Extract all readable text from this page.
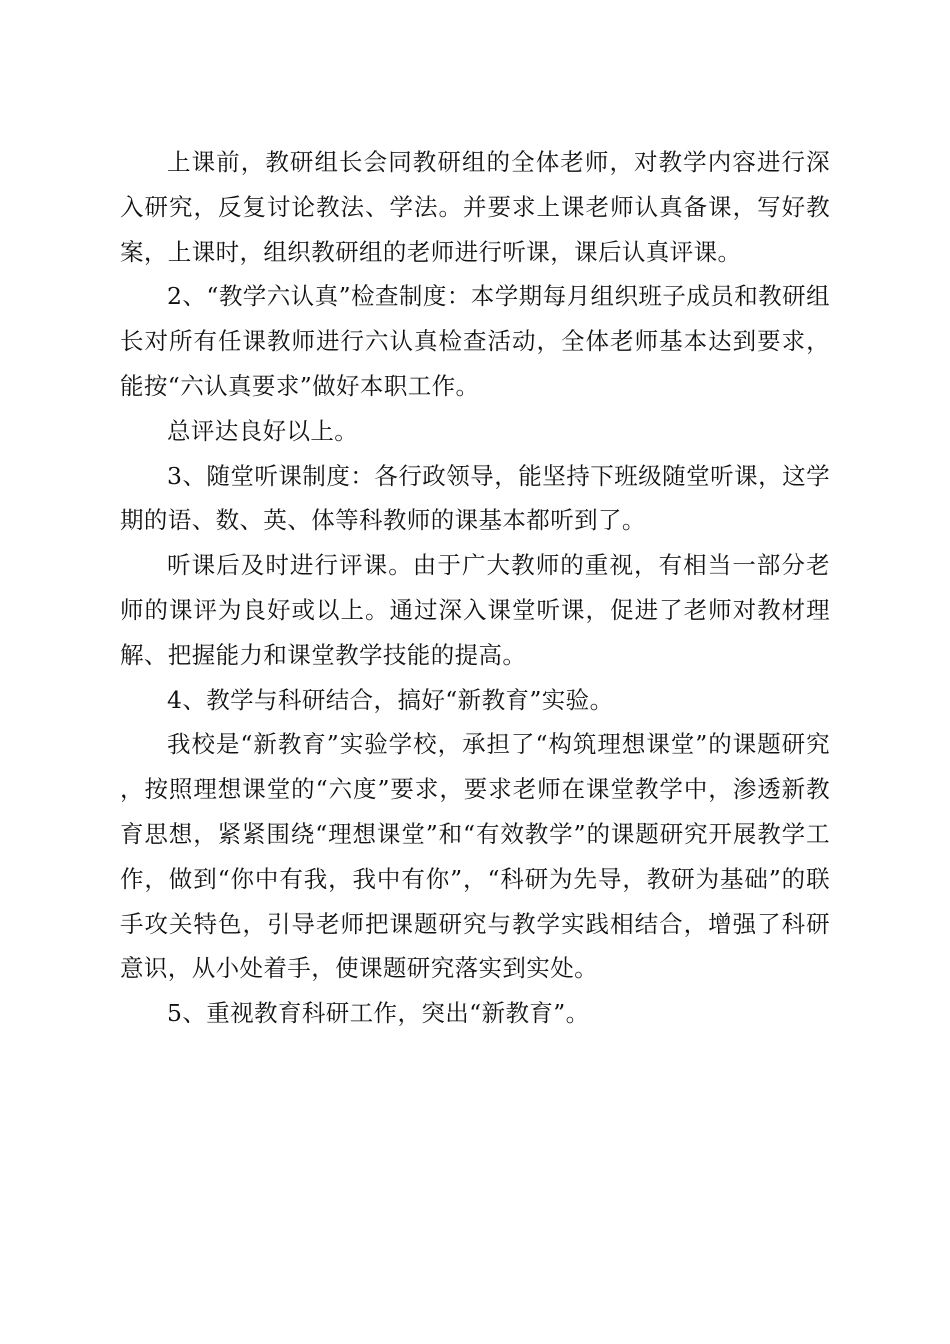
上课前，教研组长会同教研组的全体老师，对教学内容进行深入研究，反复讨论教法、学法。并要求上课老师认真备课，写好教案，上课时，组织教研组的老师进行听课，课后认真评课。

2、“教学六认真”检查制度：本学期每月组织班子成员和教研组长对所有任课教师进行六认真检查活动，全体老师基本达到要求，能按“六认真要求”做好本职工作。

总评达良好以上。

3、随堂听课制度：各行政领导，能坚持下班级随堂听课，这学期的语、数、英、体等科教师的课基本都听到了。

听课后及时进行评课。由于广大教师的重视，有相当一部分老师的课评为良好或以上。通过深入课堂听课，促进了老师对教材理解、把握能力和课堂教学技能的提高。

4、教学与科研结合，搞好“新教育”实验。

我校是“新教育”实验学校，承担了“构筑理想课堂”的课题研究，按照理想课堂的“六度”要求，要求老师在课堂教学中，渗透新教育思想，紧紧围绕“理想课堂”和“有效教学”的课题研究开展教学工作，做到“你中有我，我中有你”，“科研为先导，教研为基础”的联手攻关特色，引导老师把课题研究与教学实践相结合，增强了科研意识，从小处着手，使课题研究落实到实处。

5、重视教育科研工作，突出“新教育”。
